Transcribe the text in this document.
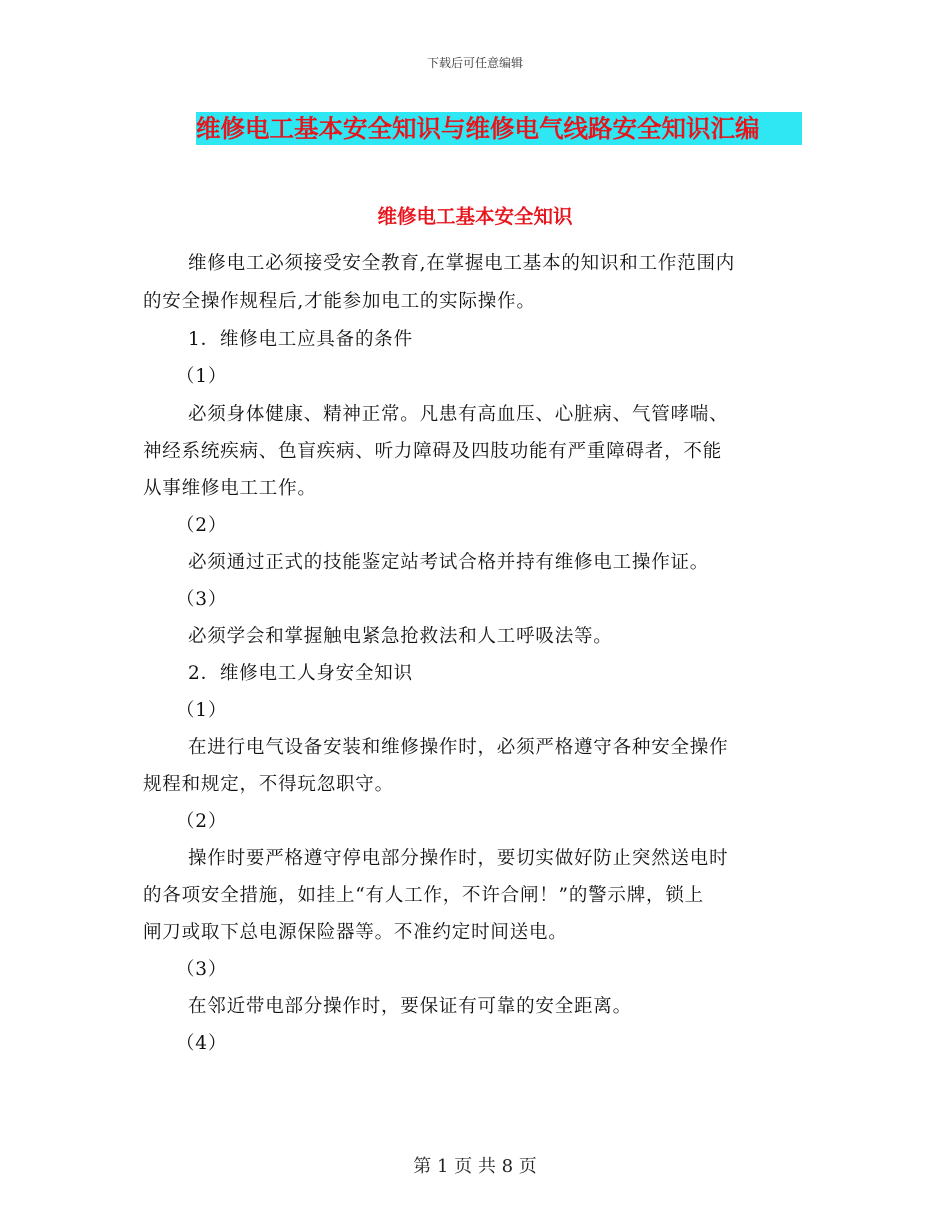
下载后可任意编辑
维修电工基本安全知识与维修电气线路安全知识汇编
维修电工基本安全知识
维修电工必须接受安全教育,在掌握电工基本的知识和工作范围内
的安全操作规程后,才能参加电工的实际操作。
1．维修电工应具备的条件
（1）
必须身体健康、精神正常。凡患有高血压、心脏病、气管哮喘、
神经系统疾病、色盲疾病、听力障碍及四肢功能有严重障碍者，不能
从事维修电工工作。
（2）
必须通过正式的技能鉴定站考试合格并持有维修电工操作证。
（3）
必须学会和掌握触电紧急抢救法和人工呼吸法等。
2．维修电工人身安全知识
（1）
在进行电气设备安装和维修操作时，必须严格遵守各种安全操作
规程和规定，不得玩忽职守。
（2）
操作时要严格遵守停电部分操作时，要切实做好防止突然送电时
的各项安全措施，如挂上“有人工作，不许合闸！”的警示牌，锁上
闸刀或取下总电源保险器等。不准约定时间送电。
（3）
在邻近带电部分操作时，要保证有可靠的安全距离。
（4）
第 1 页 共 8 页
